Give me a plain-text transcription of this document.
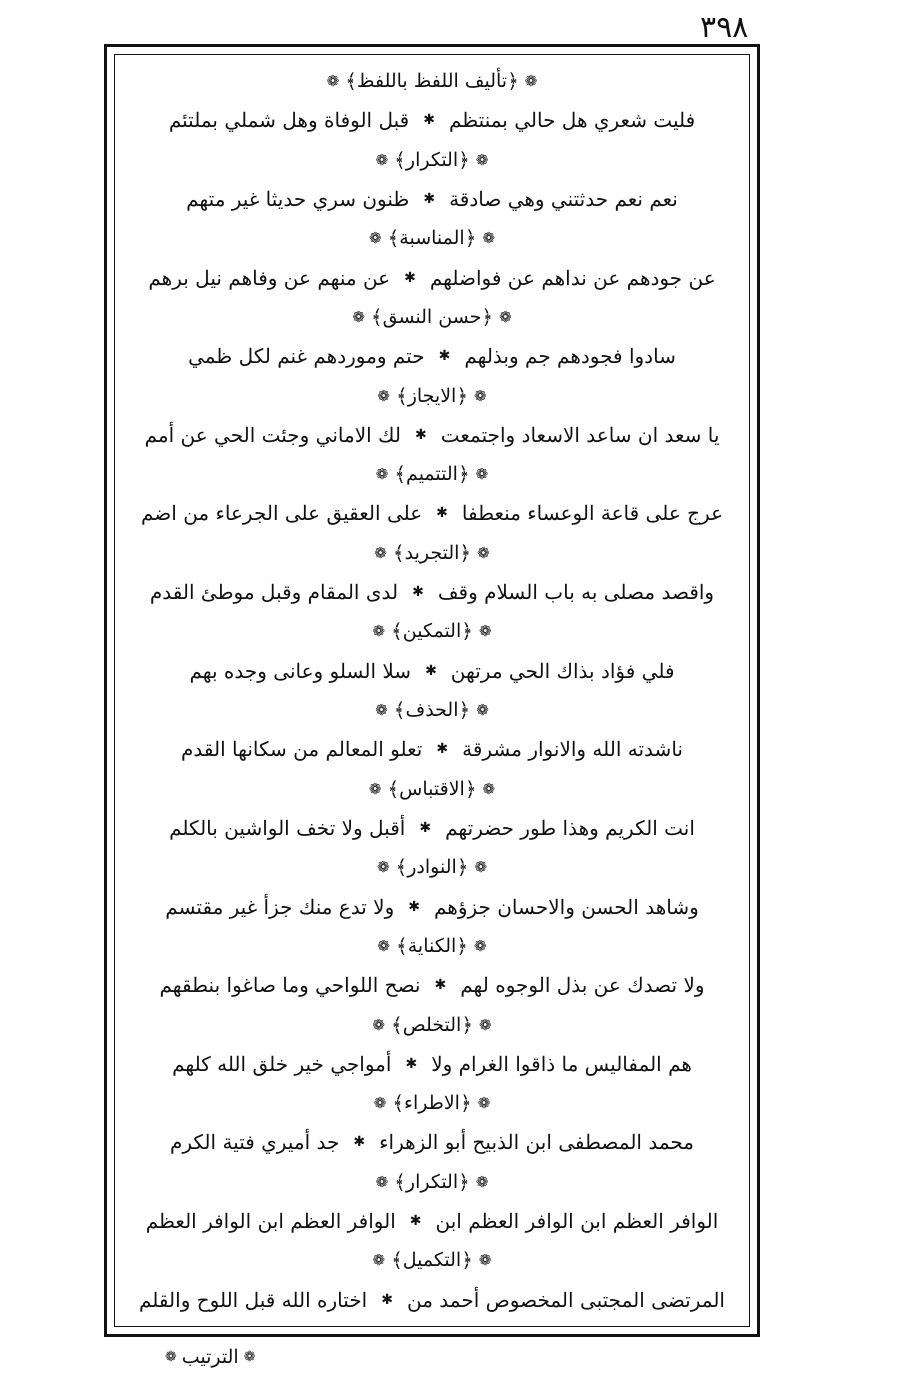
٣٩٨
❁
﴿
تأليف اللفظ باللفظ
﴾
❁
فليت شعري هل حالي بمنتظم
✱
قبل الوفاة وهل شملي بملتئم
❁
﴿
التكرار
﴾
❁
نعم نعم حدثتني وهي صادقة
✱
ظنون سري حديثا غير متهم
❁
﴿
المناسبة
﴾
❁
عن جودهم عن نداهم عن فواضلهم
✱
عن منهم عن وفاهم نيل برهم
❁
﴿
حسن النسق
﴾
❁
سادوا فجودهم جم وبذلهم
✱
حتم وموردهم غنم لكل ظمي
❁
﴿
الايجاز
﴾
❁
يا سعد ان ساعد الاسعاد واجتمعت
✱
لك الاماني وجئت الحي عن أمم
❁
﴿
التتميم
﴾
❁
عرج على قاعة الوعساء منعطفا
✱
على العقيق على الجرعاء من اضم
❁
﴿
التجريد
﴾
❁
واقصد مصلى به باب السلام وقف
✱
لدى المقام وقبل موطئ القدم
❁
﴿
التمكين
﴾
❁
فلي فؤاد بذاك الحي مرتهن
✱
سلا السلو وعانى وجده بهم
❁
﴿
الحذف
﴾
❁
ناشدته الله والانوار مشرقة
✱
تعلو المعالم من سكانها القدم
❁
﴿
الاقتباس
﴾
❁
انت الكريم وهذا طور حضرتهم
✱
أقبل ولا تخف الواشين بالكلم
❁
﴿
النوادر
﴾
❁
وشاهد الحسن والاحسان جزؤهم
✱
ولا تدع منك جزأ غير مقتسم
❁
﴿
الكناية
﴾
❁
ولا تصدك عن بذل الوجوه لهم
✱
نصح اللواحي وما صاغوا بنطقهم
❁
﴿
التخلص
﴾
❁
هم المفاليس ما ذاقوا الغرام ولا
✱
أمواجي خير خلق الله كلهم
❁
﴿
الاطراء
﴾
❁
محمد المصطفى ابن الذبيح أبو الزهراء
✱
جد أميري فتية الكرم
❁
﴿
التكرار
﴾
❁
الوافر العظم ابن الوافر العظم ابن
✱
الوافر العظم ابن الوافر العظم
❁
﴿
التكميل
﴾
❁
المرتضى المجتبى المخصوص أحمد من
✱
اختاره الله قبل اللوح والقلم
❁
الترتيب
❁
